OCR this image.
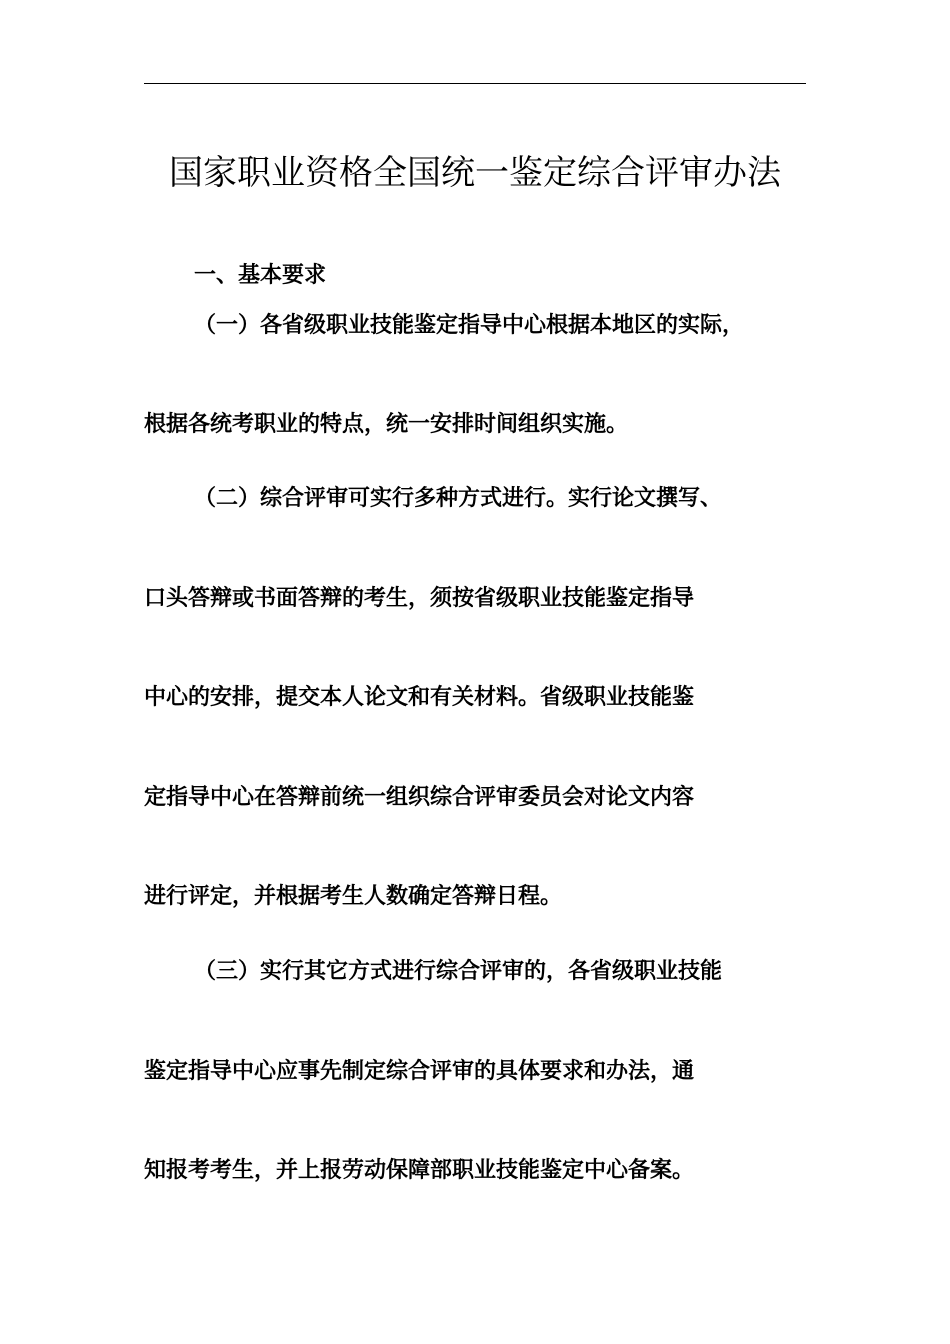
国家职业资格全国统一鉴定综合评审办法
一、基本要求
（一）各省级职业技能鉴定指导中心根据本地区的实际，
根据各统考职业的特点，统一安排时间组织实施。
（二）综合评审可实行多种方式进行。实行论文撰写、
口头答辩或书面答辩的考生，须按省级职业技能鉴定指导
中心的安排，提交本人论文和有关材料。省级职业技能鉴
定指导中心在答辩前统一组织综合评审委员会对论文内容
进行评定，并根据考生人数确定答辩日程。
（三）实行其它方式进行综合评审的，各省级职业技能
鉴定指导中心应事先制定综合评审的具体要求和办法，通
知报考考生，并上报劳动保障部职业技能鉴定中心备案。
